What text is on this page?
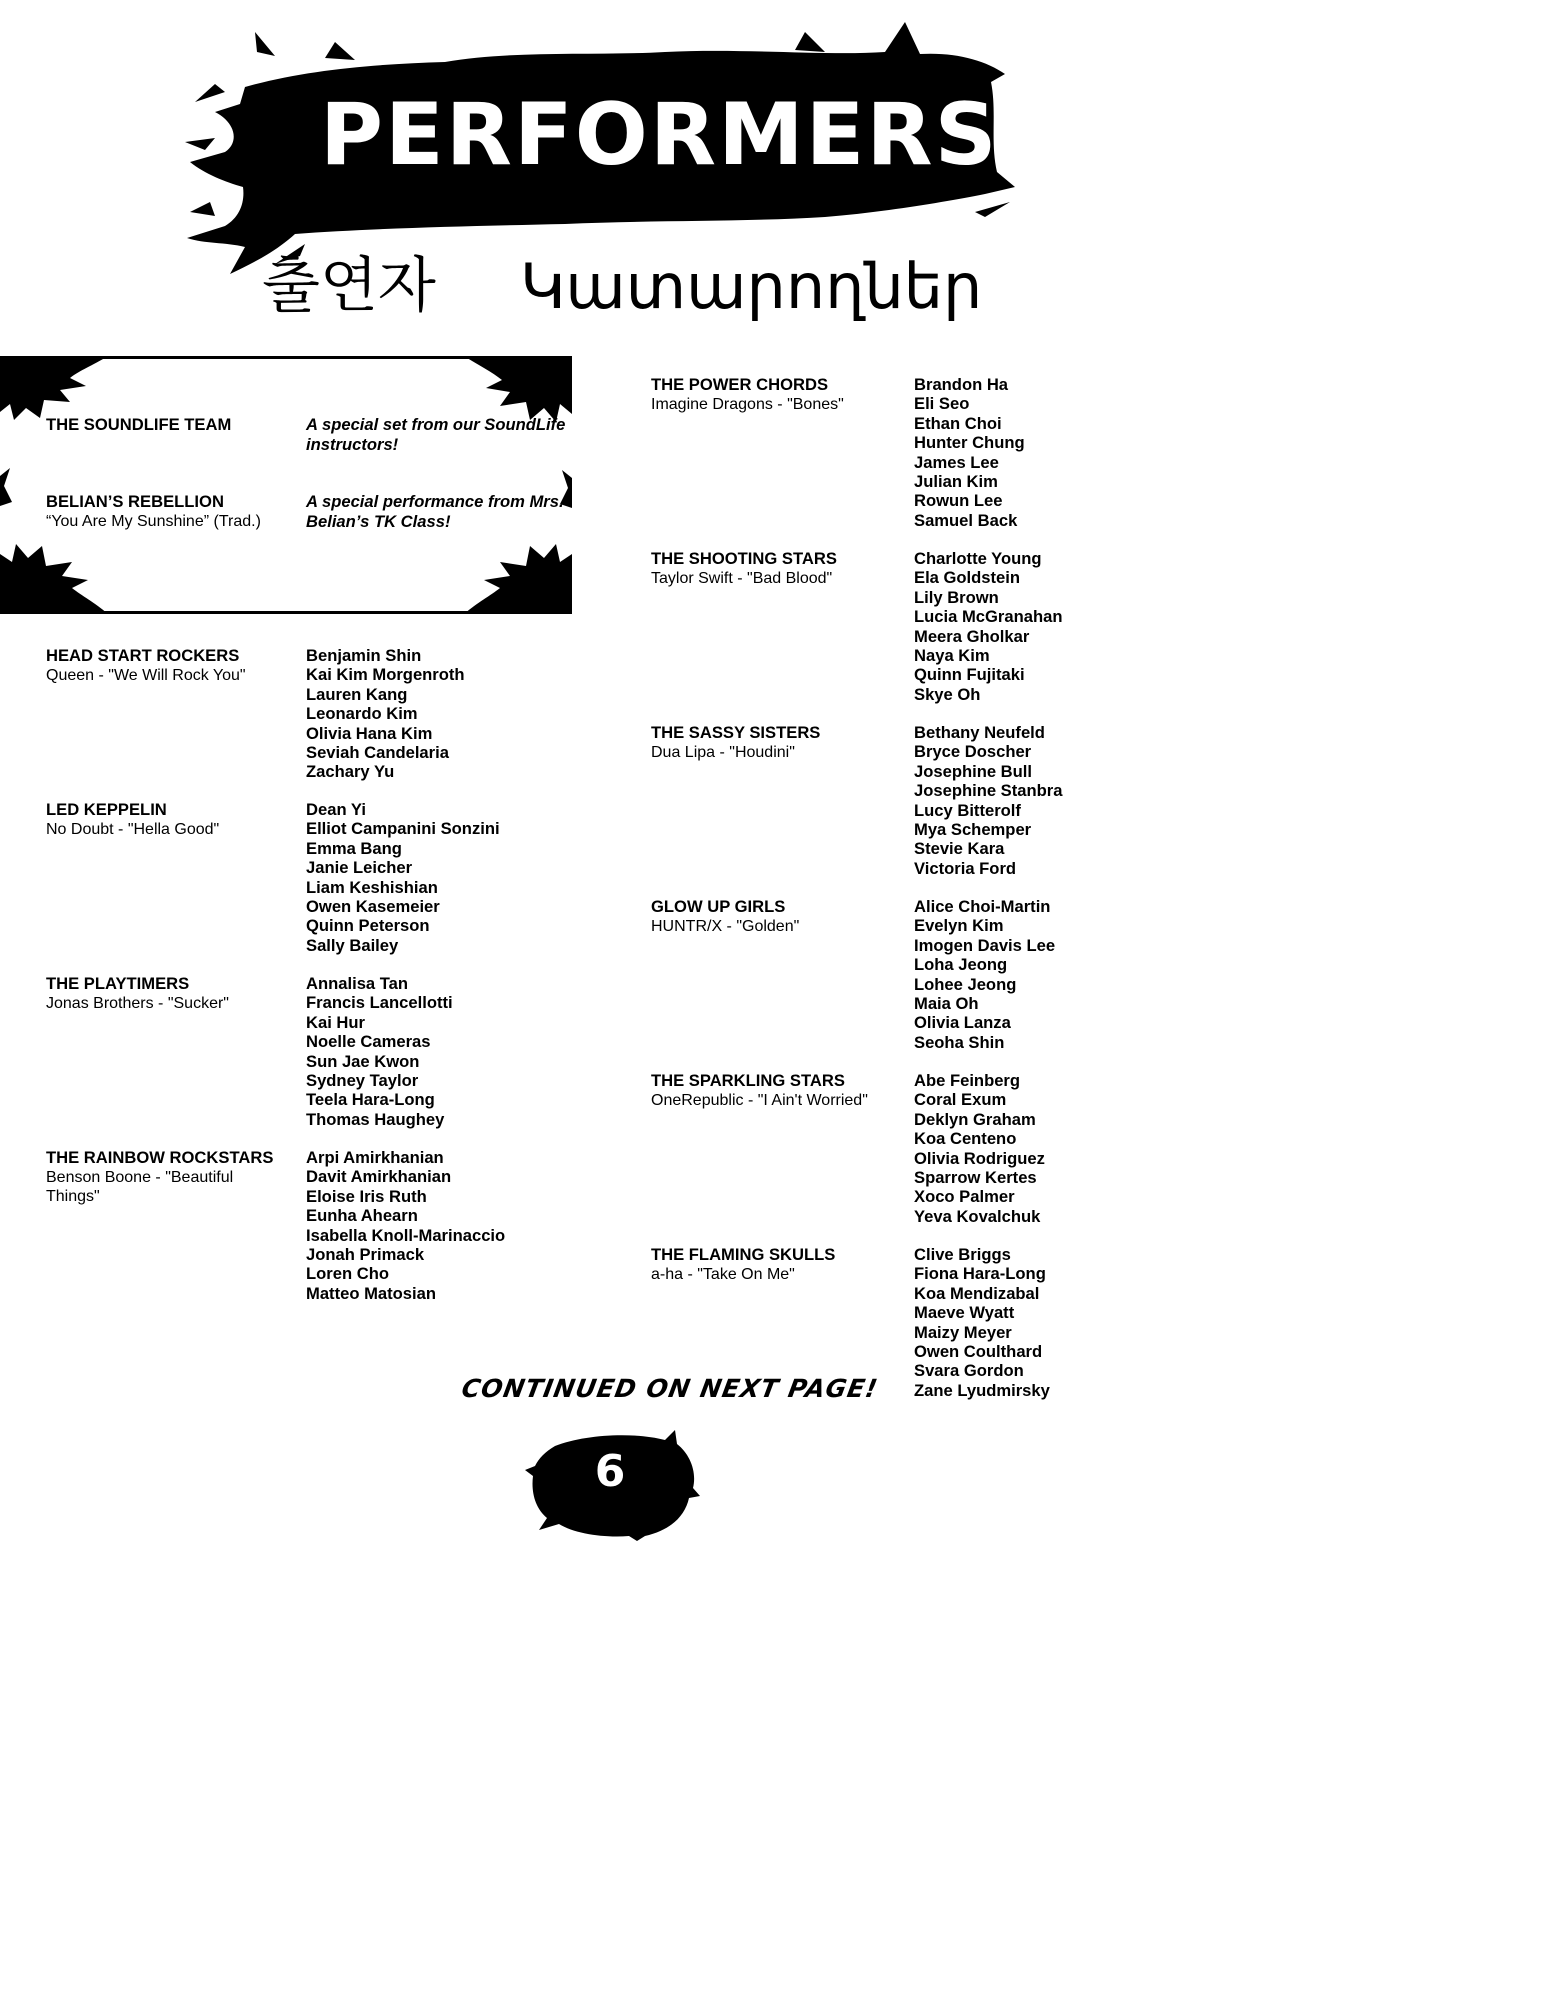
PERFORMERS
출연자 Կատարողներ
THE SOUNDLIFE TEAM	A special set from our SoundLife instructors!
BELIAN’S REBELLION
“You Are My Sunshine” (Trad.)
A special performance from Mrs. Belian’s TK Class!
HEAD START ROCKERS
Queen - "We Will Rock You"
Benjamin Shin
Kai Kim Morgenroth
Lauren Kang
Leonardo Kim
Olivia Hana Kim
Seviah Candelaria
Zachary Yu
LED KEPPELIN
No Doubt - "Hella Good"
Dean Yi
Elliot Campanini Sonzini
Emma Bang
Janie Leicher
Liam Keshishian
Owen Kasemeier
Quinn Peterson
Sally Bailey
THE PLAYTIMERS
Jonas Brothers - "Sucker"
Annalisa Tan
Francis Lancellotti
Kai Hur
Noelle Cameras
Sun Jae Kwon
Sydney Taylor
Teela Hara-Long
Thomas Haughey
THE RAINBOW ROCKSTARS
Benson Boone - "Beautiful Things"
Arpi Amirkhanian
Davit Amirkhanian
Eloise Iris Ruth
Eunha Ahearn
Isabella Knoll-Marinaccio
Jonah Primack
Loren Cho
Matteo Matosian
THE POWER CHORDS
Imagine Dragons - "Bones"
Brandon Ha
Eli Seo
Ethan Choi
Hunter Chung
James Lee
Julian Kim
Rowun Lee
Samuel Back
THE SHOOTING STARS
Taylor Swift - "Bad Blood"
Charlotte Young
Ela Goldstein
Lily Brown
Lucia McGranahan
Meera Gholkar
Naya Kim
Quinn Fujitaki
Skye Oh
THE SASSY SISTERS
Dua Lipa - "Houdini"
Bethany Neufeld
Bryce Doscher
Josephine Bull
Josephine Stanbra
Lucy Bitterolf
Mya Schemper
Stevie Kara
Victoria Ford
GLOW UP GIRLS
HUNTR/X - "Golden"
Alice Choi-Martin
Evelyn Kim
Imogen Davis Lee
Loha Jeong
Lohee Jeong
Maia Oh
Olivia Lanza
Seoha Shin
THE SPARKLING STARS
OneRepublic - "I Ain't Worried"
Abe Feinberg
Coral Exum
Deklyn Graham
Koa Centeno
Olivia Rodriguez
Sparrow Kertes
Xoco Palmer
Yeva Kovalchuk
THE FLAMING SKULLS
a-ha - "Take On Me"
Clive Briggs
Fiona Hara-Long
Koa Mendizabal
Maeve Wyatt
Maizy Meyer
Owen Coulthard
Svara Gordon
Zane Lyudmirsky
CONTINUED ON NEXT PAGE!
6
